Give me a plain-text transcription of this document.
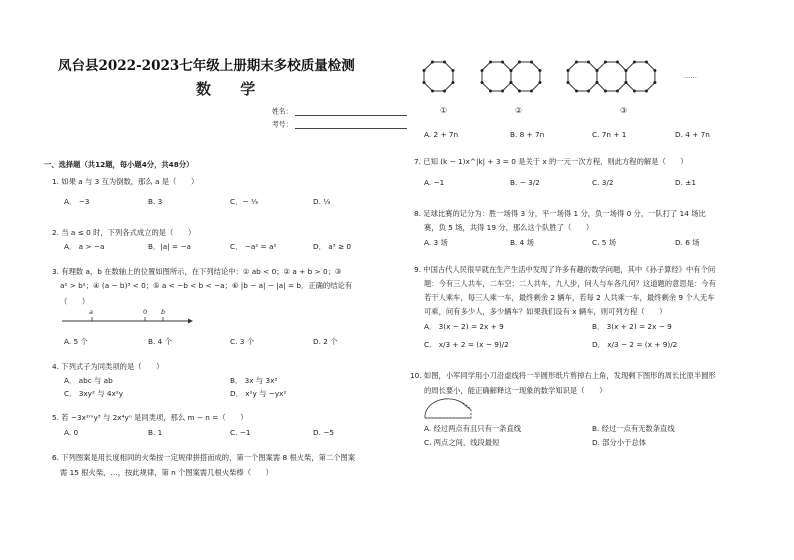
凤台县2022-2023七年级上册期末多校质量检测
数 学
姓名：
考号：
一、选择题（共12题，每小题4分，共48分）
1. 如果 a 与 3 互为倒数，那么 a 是（　　）
A． −3	B. 3	C．− ⅓	D. ⅓
2. 当 a ≤ 0 时，下列各式成立的是（　　）
A． a > −a	B．|a| = −a	C． −a² = a²	D． a³ ≥ 0
3. 有理数 a，b 在数轴上的位置如图所示，在下列结论中：① ab < 0；② a + b > 0；③
a² > b²；④ (a − b)³ < 0；⑤ a < −b < b < −a；⑥ |b − a| − |a| = b．正确的结论有
（　　）
a	0 b
A. 5 个	B. 4 个	C. 3 个	D. 2 个
4. 下列式子为同类项的是（　　）
A． abc 与 ab	B． 3x 与 3x²
C． 3xy² 与 4x²y	D． x²y 与 −yx²
5. 若 −3x²ᵐy³ 与 2x⁴yⁿ 是同类项，那么 m − n =（　　）
A. 0	B. 1	C. −1	D. −5
6. 下列图案是用长度相同的火柴按一定规律拼搭而成的，第一个图案需 8 根火柴，第二个图案
需 15 根火柴，…，按此规律，第 n 个图案需几根火柴棒（　　）
①	②	③
……
A. 2 + 7n	B. 8 + 7n	C. 7n + 1	D. 4 + 7n
7. 已知 (k − 1)x^|k| + 3 = 0 是关于 x 的一元一次方程，则此方程的解是（　　）
A. −1	B. − 3/2	C. 3/2	D. ±1
8. 足球比赛的记分为：胜一场得 3 分，平一场得 1 分，负一场得 0 分，一队打了 14 场比
赛，负 5 场，共得 19 分，那么这个队胜了（　　）
A. 3 场	B. 4 场	C. 5 场	D. 6 场
9. 中国古代人民很早就在生产生活中发现了许多有趣的数学问题，其中《孙子算经》中有个问
题：今有三人共车，二车空；二人共车，九人步，问人与车各几何？这道题的意思是：今有
若干人乘车，每三人乘一车，最终剩余 2 辆车，若每 2 人共乘一车，最终剩余 9 个人无车
可乘，问有多少人，多少辆车？如果我们设有 x 辆车，则可列方程（　　）
A． 3(x − 2) = 2x + 9	B． 3(x + 2) = 2x − 9
C． x/3 + 2 = (x − 9)/2	D． x/3 − 2 = (x + 9)/2
10. 如图，小军同学用小刀沿虚线将一半圆形纸片剪掉右上角，发现剩下图形的周长比原半圆形
的周长要小，能正确解释这一现象的数学知识是（　　）
A. 经过两点有且只有一条直线	B. 经过一点有无数条直线
C. 两点之间，线段最短	D. 部分小于总体
